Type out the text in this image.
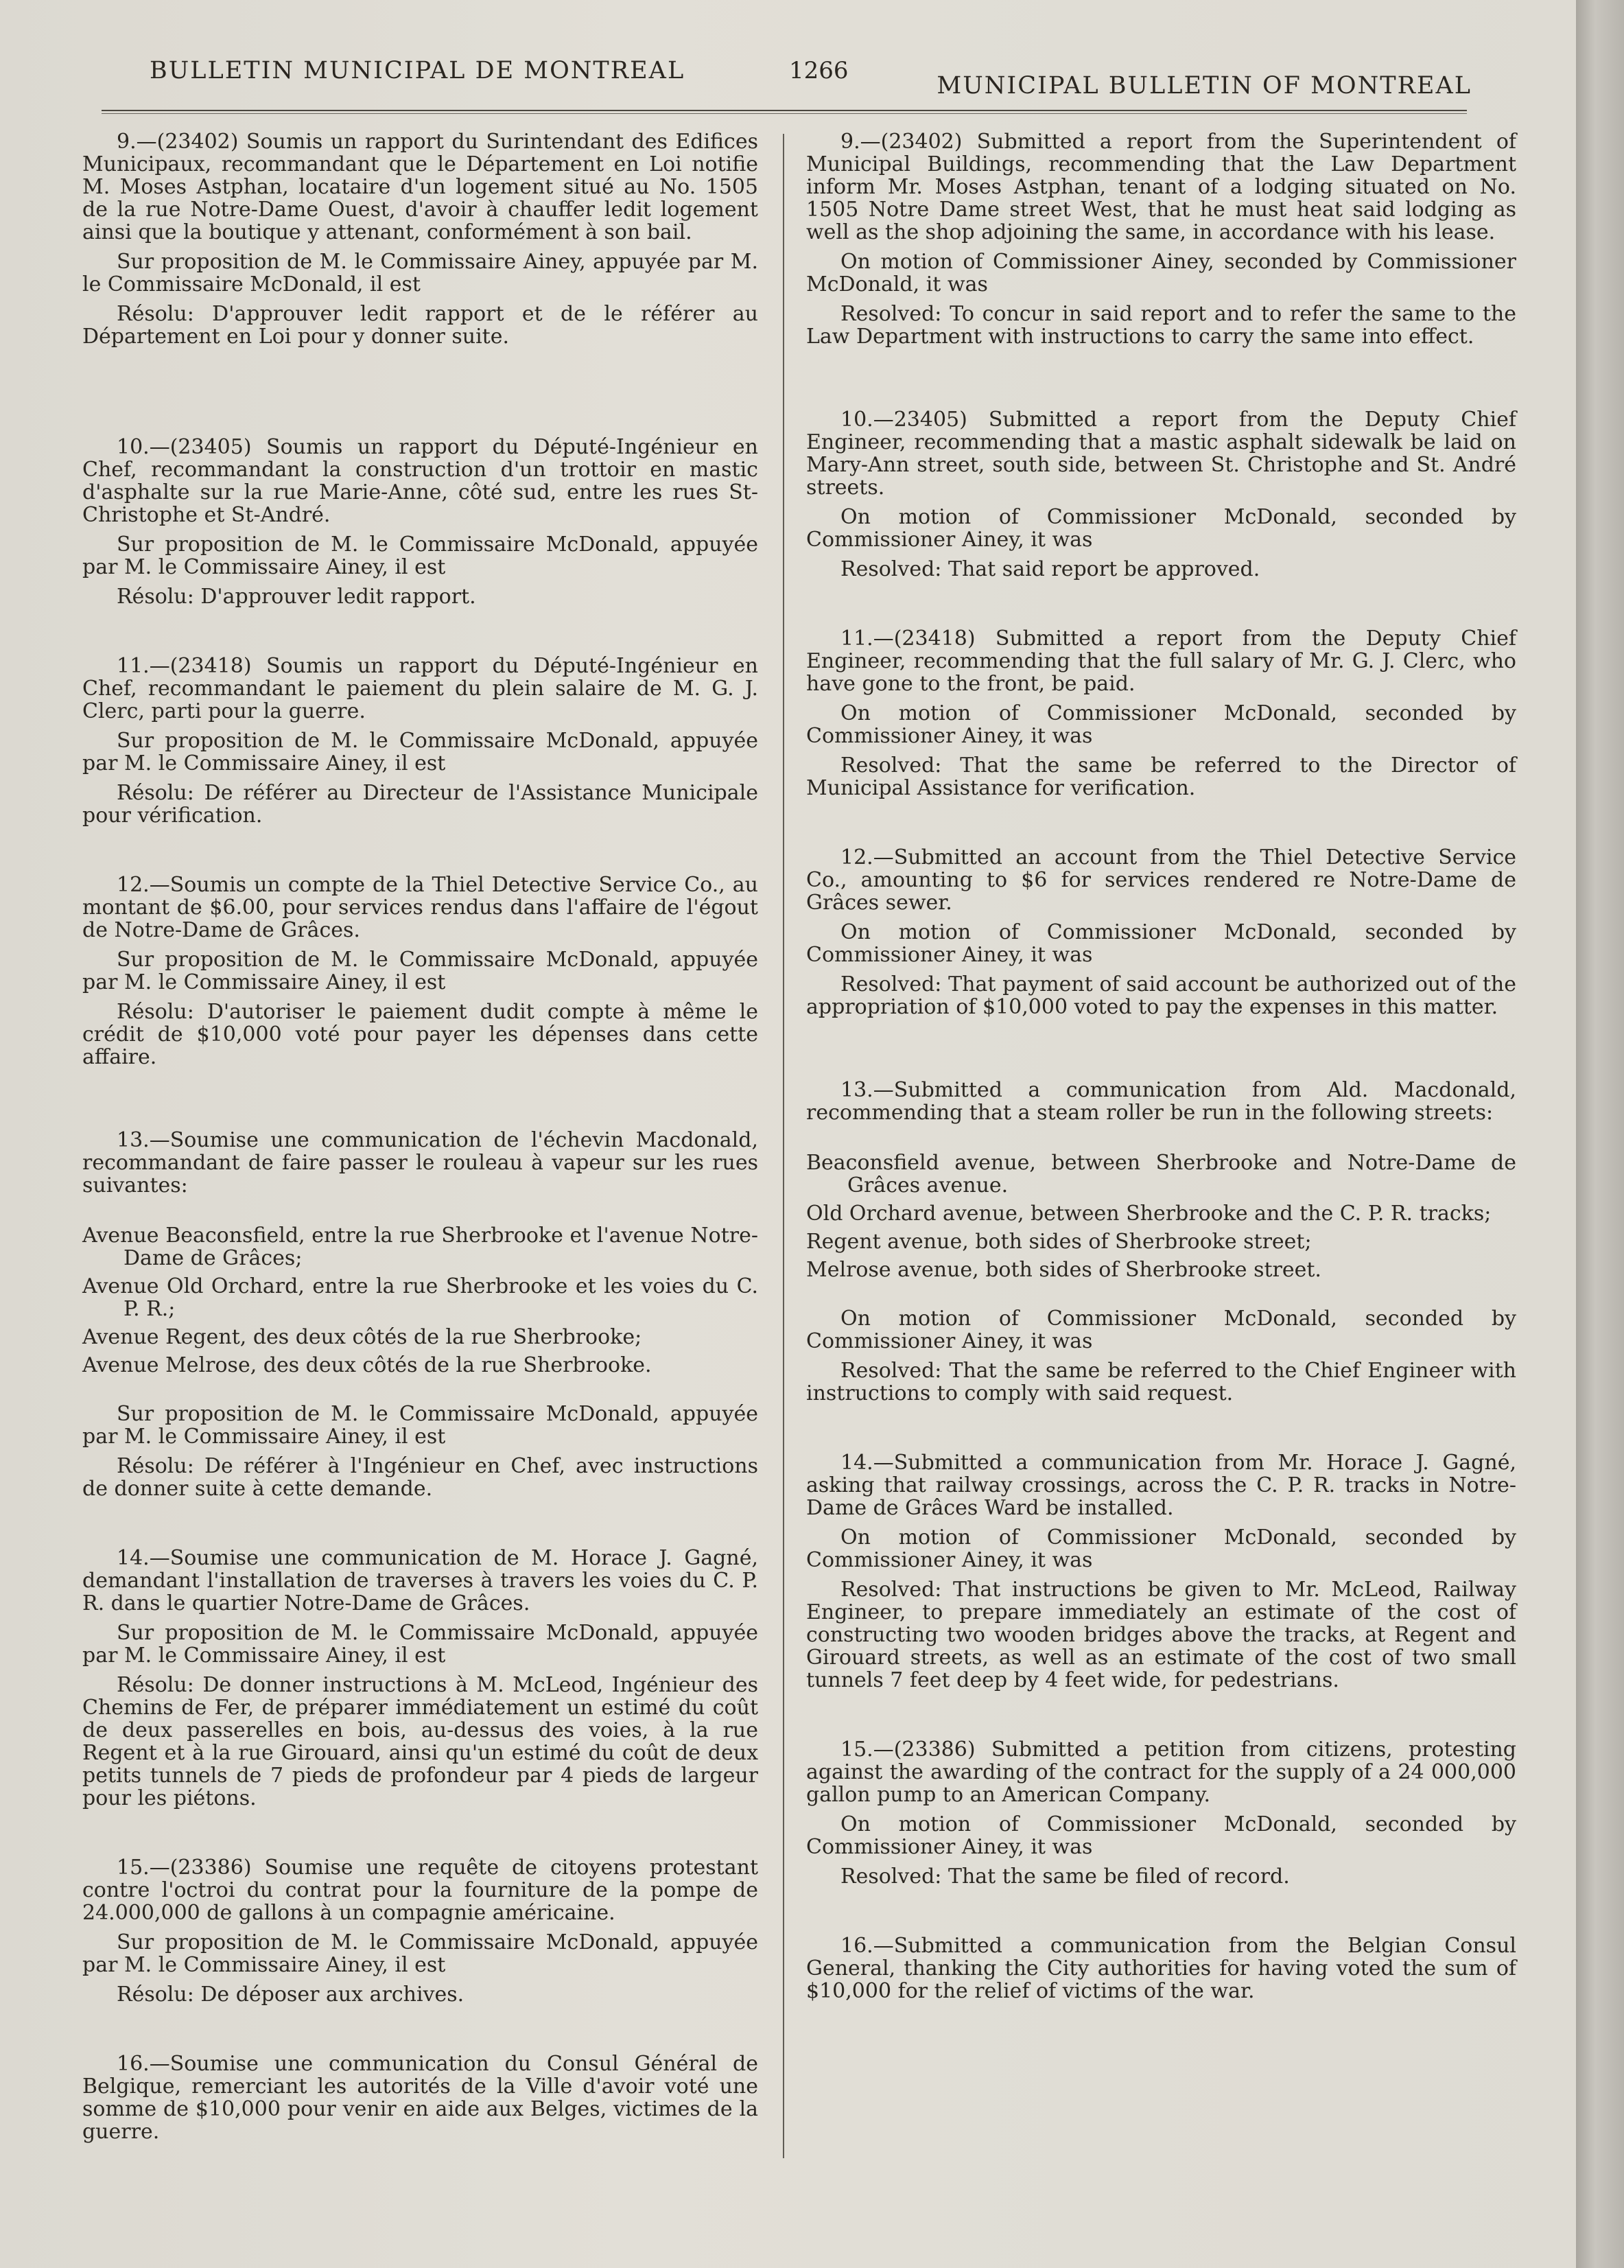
BULLETIN MUNICIPAL DE MONTREAL	1266
MUNICIPAL BULLETIN OF MONTREAL

9.—(23402) Soumis un rapport du Surintendant des Edifices Municipaux, recommandant que le Département en Loi notifie M. Moses Astphan, locataire d'un logement situé au No. 1505 de la rue Notre-Dame Ouest, d'avoir à chauffer ledit logement ainsi que la boutique y attenant, conformément à son bail.

Sur proposition de M. le Commissaire Ainey, appuyée par M. le Commissaire McDonald, il est

Résolu: D'approuver ledit rapport et de le référer au Département en Loi pour y donner suite.

10.—(23405) Soumis un rapport du Député-Ingénieur en Chef, recommandant la construction d'un trottoir en mastic d'asphalte sur la rue Marie-Anne, côté sud, entre les rues St-Christophe et St-André.

Sur proposition de M. le Commissaire McDonald, appuyée par M. le Commissaire Ainey, il est

Résolu: D'approuver ledit rapport.

11.—(23418) Soumis un rapport du Député-Ingénieur en Chef, recommandant le paiement du plein salaire de M. G. J. Clerc, parti pour la guerre.

Sur proposition de M. le Commissaire McDonald, appuyée par M. le Commissaire Ainey, il est

Résolu: De référer au Directeur de l'Assistance Municipale pour vérification.

12.—Soumis un compte de la Thiel Detective Service Co., au montant de $6.00, pour services rendus dans l'affaire de l'égout de Notre-Dame de Grâces.

Sur proposition de M. le Commissaire McDonald, appuyée par M. le Commissaire Ainey, il est

Résolu: D'autoriser le paiement dudit compte à même le crédit de $10,000 voté pour payer les dépenses dans cette affaire.

13.—Soumise une communication de l'échevin Macdonald, recommandant de faire passer le rouleau à vapeur sur les rues suivantes:

Avenue Beaconsfield, entre la rue Sherbrooke et l'avenue Notre-Dame de Grâces;

Avenue Old Orchard, entre la rue Sherbrooke et les voies du C. P. R.;

Avenue Regent, des deux côtés de la rue Sherbrooke;

Avenue Melrose, des deux côtés de la rue Sherbrooke.

Sur proposition de M. le Commissaire McDonald, appuyée par M. le Commissaire Ainey, il est

Résolu: De référer à l'Ingénieur en Chef, avec instructions de donner suite à cette demande.

14.—Soumise une communication de M. Horace J. Gagné, demandant l'installation de traverses à travers les voies du C. P. R. dans le quartier Notre-Dame de Grâces.

Sur proposition de M. le Commissaire McDonald, appuyée par M. le Commissaire Ainey, il est

Résolu: De donner instructions à M. McLeod, Ingénieur des Chemins de Fer, de préparer immédiatement un estimé du coût de deux passerelles en bois, au-dessus des voies, à la rue Regent et à la rue Girouard, ainsi qu'un estimé du coût de deux petits tunnels de 7 pieds de profondeur par 4 pieds de largeur pour les piétons.

15.—(23386) Soumise une requête de citoyens protestant contre l'octroi du contrat pour la fourniture de la pompe de 24.000,000 de gallons à un compagnie américaine.

Sur proposition de M. le Commissaire McDonald, appuyée par M. le Commissaire Ainey, il est

Résolu: De déposer aux archives.

16.—Soumise une communication du Consul Général de Belgique, remerciant les autorités de la Ville d'avoir voté une somme de $10,000 pour venir en aide aux Belges, victimes de la guerre.

9.—(23402) Submitted a report from the Superintendent of Municipal Buildings, recommending that the Law Department inform Mr. Moses Astphan, tenant of a lodging situated on No. 1505 Notre Dame street West, that he must heat said lodging as well as the shop adjoining the same, in accordance with his lease.

On motion of Commissioner Ainey, seconded by Commissioner McDonald, it was

Resolved: To concur in said report and to refer the same to the Law Department with instructions to carry the same into effect.

10.—23405) Submitted a report from the Deputy Chief Engineer, recommending that a mastic asphalt sidewalk be laid on Mary-Ann street, south side, between St. Christophe and St. André streets.

On motion of Commissioner McDonald, seconded by Commissioner Ainey, it was

Resolved: That said report be approved.

11.—(23418) Submitted a report from the Deputy Chief Engineer, recommending that the full salary of Mr. G. J. Clerc, who have gone to the front, be paid.

On motion of Commissioner McDonald, seconded by Commissioner Ainey, it was

Resolved: That the same be referred to the Director of Municipal Assistance for verification.

12.—Submitted an account from the Thiel Detective Service Co., amounting to $6 for services rendered re Notre-Dame de Grâces sewer.

On motion of Commissioner McDonald, seconded by Commissioner Ainey, it was

Resolved: That payment of said account be authorized out of the appropriation of $10,000 voted to pay the expenses in this matter.

13.—Submitted a communication from Ald. Macdonald, recommending that a steam roller be run in the following streets:

Beaconsfield avenue, between Sherbrooke and Notre-Dame de Grâces avenue.

Old Orchard avenue, between Sherbrooke and the C. P. R. tracks;

Regent avenue, both sides of Sherbrooke street;

Melrose avenue, both sides of Sherbrooke street.

On motion of Commissioner McDonald, seconded by Commissioner Ainey, it was

Resolved: That the same be referred to the Chief Engineer with instructions to comply with said request.

14.—Submitted a communication from Mr. Horace J. Gagné, asking that railway crossings, across the C. P. R. tracks in Notre-Dame de Grâces Ward be installed.

On motion of Commissioner McDonald, seconded by Commissioner Ainey, it was

Resolved: That instructions be given to Mr. McLeod, Railway Engineer, to prepare immediately an estimate of the cost of constructing two wooden bridges above the tracks, at Regent and Girouard streets, as well as an estimate of the cost of two small tunnels 7 feet deep by 4 feet wide, for pedestrians.

15.—(23386) Submitted a petition from citizens, protesting against the awarding of the contract for the supply of a 24 000,000 gallon pump to an American Company.

On motion of Commissioner McDonald, seconded by Commissioner Ainey, it was

Resolved: That the same be filed of record.

16.—Submitted a communication from the Belgian Consul General, thanking the City authorities for having voted the sum of $10,000 for the relief of victims of the war.
